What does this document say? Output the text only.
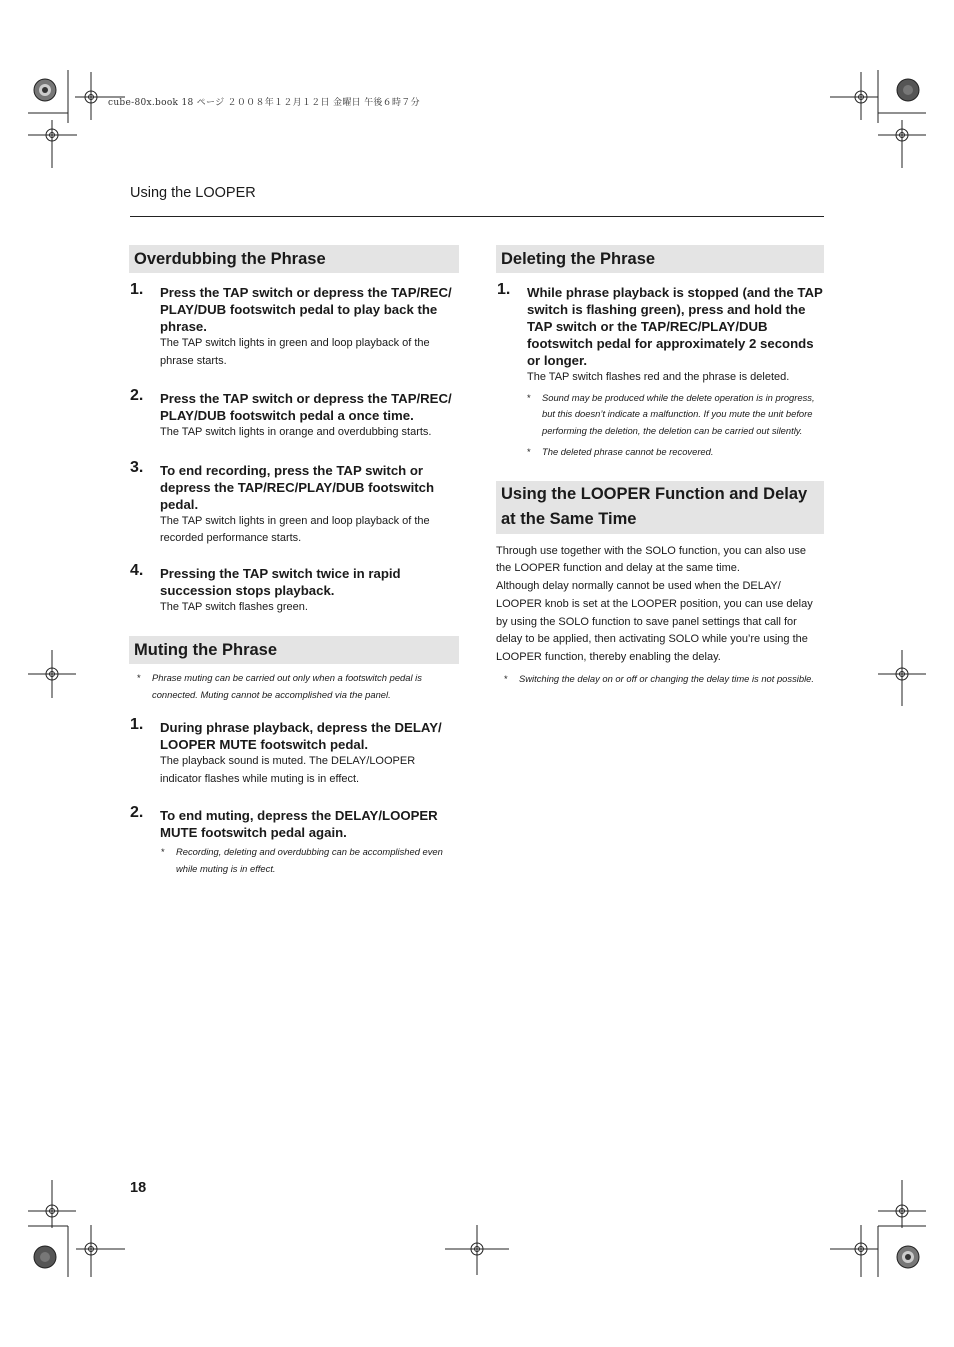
cube-80x.book 18 ページ ２００８年１２月１２日 金曜日 午後６時７分
Using the LOOPER
Overdubbing the Phrase
1. Press the TAP switch or depress the TAP/REC/ PLAY/DUB footswitch pedal to play back the phrase.
The TAP switch lights in green and loop playback of the phrase starts.
2. Press the TAP switch or depress the TAP/REC/ PLAY/DUB footswitch pedal a once time.
The TAP switch lights in orange and overdubbing starts.
3. To end recording, press the TAP switch or depress the TAP/REC/PLAY/DUB footswitch pedal.
The TAP switch lights in green and loop playback of the recorded performance starts.
4. Pressing the TAP switch twice in rapid succession stops playback.
The TAP switch flashes green.
Muting the Phrase
* Phrase muting can be carried out only when a footswitch pedal is connected. Muting cannot be accomplished via the panel.
1. During phrase playback, depress the DELAY/ LOOPER MUTE footswitch pedal.
The playback sound is muted. The DELAY/LOOPER indicator flashes while muting is in effect.
2. To end muting, depress the DELAY/LOOPER MUTE footswitch pedal again.
* Recording, deleting and overdubbing can be accomplished even while muting is in effect.
Deleting the Phrase
1. While phrase playback is stopped (and the TAP switch is flashing green), press and hold the TAP switch or the TAP/REC/PLAY/DUB footswitch pedal for approximately 2 seconds or longer.
The TAP switch flashes red and the phrase is deleted.
* Sound may be produced while the delete operation is in progress, but this doesn’t indicate a malfunction. If you mute the unit before performing the deletion, the deletion can be carried out silently.
* The deleted phrase cannot be recovered.
Using the LOOPER Function and Delay at the Same Time
Through use together with the SOLO function, you can also use the LOOPER function and delay at the same time.
Although delay normally cannot be used when the DELAY/ LOOPER knob is set at the LOOPER position, you can use delay by using the SOLO function to save panel settings that call for delay to be applied, then activating SOLO while you’re using the LOOPER function, thereby enabling the delay.
* Switching the delay on or off or changing the delay time is not possible.
18
